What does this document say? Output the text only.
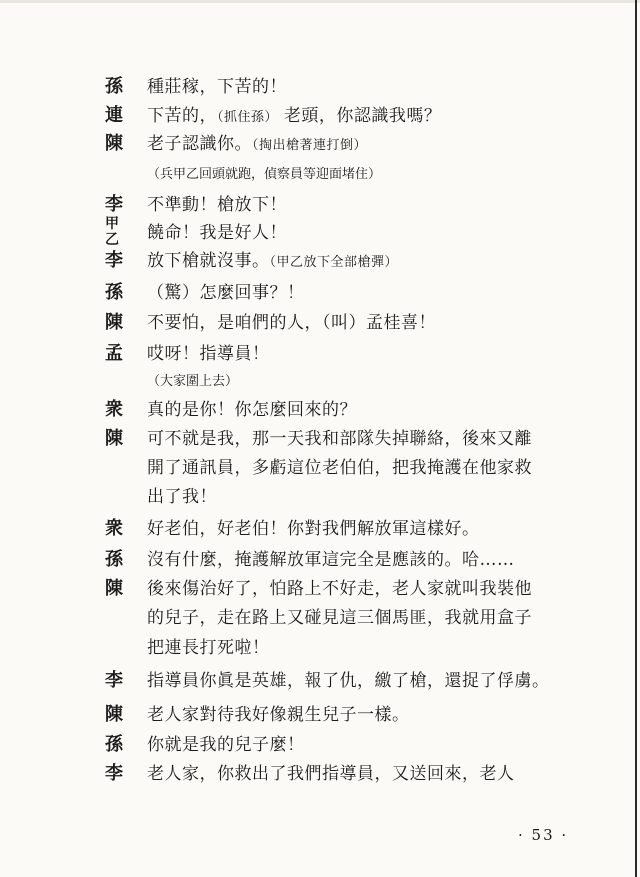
孫 種莊稼，下苦的！
連 下苦的，（抓住孫） 老頭，你認識我嗎？
陳 老子認識你。（掏出槍著連打倒）
（兵甲乙回頭就跑，偵察員等迎面堵住）
李 不準動！槍放下！
甲乙 饒命！我是好人！
李 放下槍就沒事。（甲乙放下全部槍彈）
孫 （驚）怎麼回事？！
陳 不要怕，是咱們的人，（叫）孟桂喜！
孟 哎呀！指導員！
（大家圍上去）
衆 真的是你！你怎麼回來的？
陳 可不就是我，那一天我和部隊失掉聯絡，後來又離
開了通訊員，多虧這位老伯伯，把我掩護在他家救
出了我！
衆 好老伯，好老伯！你對我們解放軍這樣好。
孫 沒有什麼，掩護解放軍這完全是應該的。哈……
陳 後來傷治好了，怕路上不好走，老人家就叫我裝他
的兒子，走在路上又碰見這三個馬匪，我就用盒子
把連長打死啦！
李 指導員你眞是英雄，報了仇，繳了槍，還捉了俘虜。
陳 老人家對待我好像親生兒子一樣。
孫 你就是我的兒子麼！
李 老人家，你救出了我們指導員，又送回來，老人
· 53 ·
